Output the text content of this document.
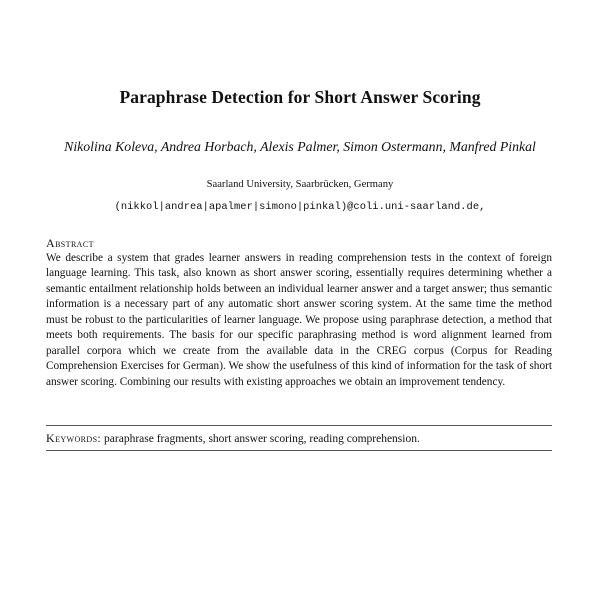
Paraphrase Detection for Short Answer Scoring
Nikolina Koleva, Andrea Horbach, Alexis Palmer, Simon Ostermann, Manfred Pinkal
Saarland University, Saarbrücken, Germany
(nikkol|andrea|apalmer|simono|pinkal)@coli.uni-saarland.de,
Abstract
We describe a system that grades learner answers in reading comprehension tests in the context of foreign language learning. This task, also known as short answer scoring, essentially requires determining whether a semantic entailment relationship holds between an individual learner answer and a target answer; thus semantic information is a necessary part of any automatic short answer scoring system. At the same time the method must be robust to the particularities of learner language. We propose using paraphrase detection, a method that meets both requirements. The basis for our specific paraphrasing method is word alignment learned from parallel corpora which we create from the available data in the CREG corpus (Corpus for Reading Comprehension Exercises for German). We show the usefulness of this kind of information for the task of short answer scoring. Combining our results with existing approaches we obtain an improvement tendency.
Keywords: paraphrase fragments, short answer scoring, reading comprehension.
